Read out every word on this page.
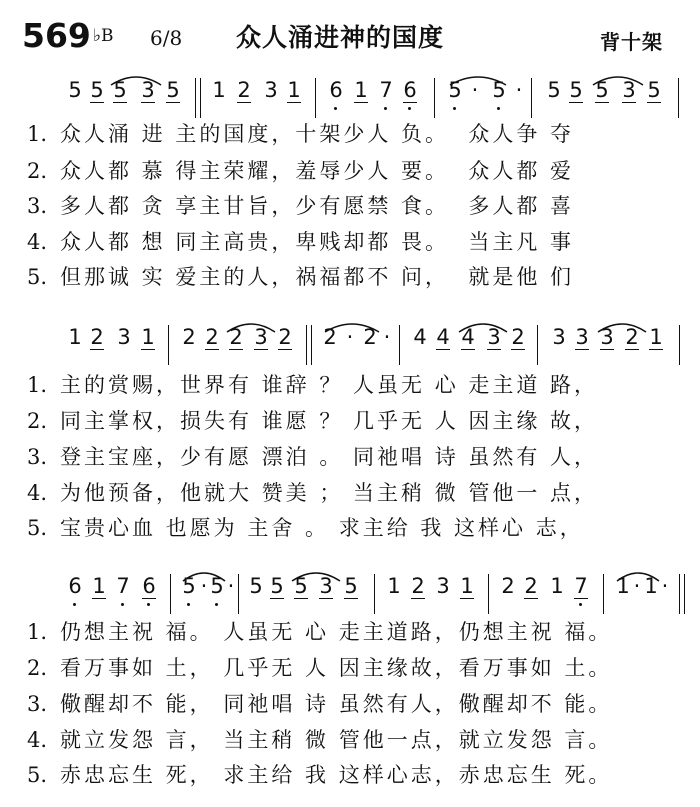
569 ♭B 6/8 众人涌进神的国度	背十架
5 5 5 3 5 1 2 3 1 6 1 7 6 5 · 5 · 5 5 5 3 5
1. 众人涌 进 主的国度，十架少人 负。  众人争 夺
2. 众人都 慕 得主荣耀，羞辱少人 要。  众人都 爱
3. 多人都 贪 享主甘旨，少有愿禁 食。  多人都 喜
4. 众人都 想 同主高贵，卑贱却都 畏。  当主凡 事
5. 但那诚 实 爱主的人，祸福都不 问，  就是他 们
1 2 3 1 2 2 2 3 2 2 · 2 · 4 4 4 3 2 3 3 3 2 1
1. 主的赏赐，世界有 谁辞 ？ 人虽无 心 走主道 路，
2. 同主掌权，损失有 谁愿 ？ 几乎无 人 因主缘 故，
3. 登主宝座，少有愿 漂泊 。 同祂唱 诗 虽然有 人，
4. 为他预备，他就大 赞美 ； 当主稍 微 管他一 点，
5. 宝贵心血 也愿为 主舍 。 求主给 我 这样心 志，
6 1 7 6 5 · 5 · 5 5 5 3 5 1 2 3 1 2 2 1 7 1 · 1 ·
1. 仍想主祝 福。 人虽无 心 走主道路，仍想主祝 福。
2. 看万事如 土， 几乎无 人 因主缘故，看万事如 土。
3. 儆醒却不 能， 同祂唱 诗 虽然有人，儆醒却不 能。
4. 就立发怨 言， 当主稍 微 管他一点，就立发怨 言。
5. 赤忠忘生 死， 求主给 我 这样心志，赤忠忘生 死。
